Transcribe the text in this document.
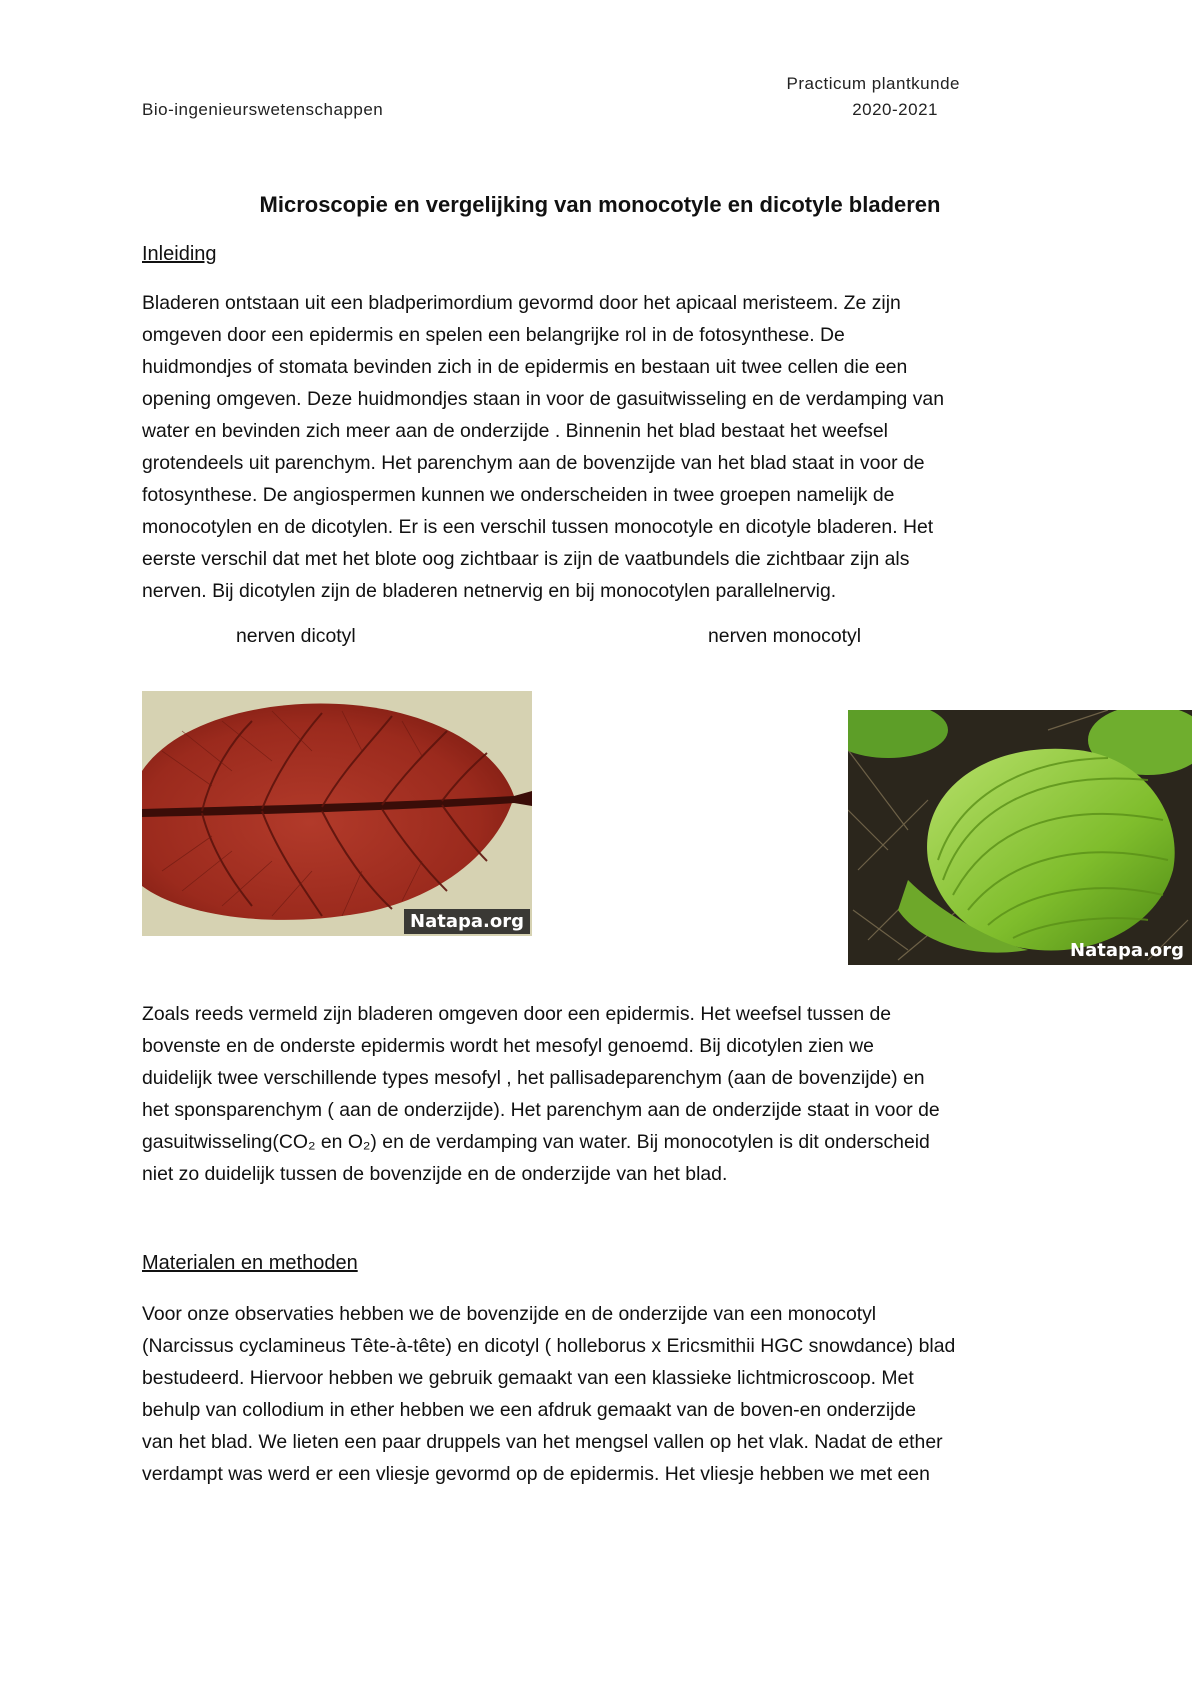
Bio-ingenieurswetenschappen
Practicum plantkunde
2020-2021
Microscopie en vergelijking van monocotyle en dicotyle bladeren
Inleiding

Bladeren ontstaan uit een bladperimordium gevormd door het apicaal meristeem. Ze zijn

omgeven door een epidermis en spelen een belangrijke rol in de fotosynthese. De

huidmondjes of stomata bevinden zich in de epidermis en bestaan uit twee cellen die een

opening omgeven. Deze huidmondjes staan in voor de gasuitwisseling en de verdamping van

water en bevinden zich meer aan de onderzijde . Binnenin het blad bestaat het weefsel

grotendeels uit parenchym. Het parenchym aan de bovenzijde van het blad staat in voor de

fotosynthese. De angiospermen kunnen we onderscheiden in twee groepen namelijk de

monocotylen en de dicotylen. Er is een verschil tussen monocotyle en dicotyle bladeren. Het

eerste verschil dat met het blote oog zichtbaar is zijn de vaatbundels die zichtbaar zijn als

nerven. Bij dicotylen zijn de bladeren netnervig en bij monocotylen parallelnervig.

nerven dicotyl	nerven monocotyl
Natapa.org
Natapa.org

Zoals reeds vermeld zijn bladeren omgeven door een epidermis. Het weefsel tussen de

bovenste en de onderste epidermis wordt het mesofyl genoemd. Bij dicotylen zien we

duidelijk twee verschillende types mesofyl , het pallisadeparenchym (aan de bovenzijde) en

het sponsparenchym ( aan de onderzijde). Het parenchym aan de onderzijde staat in voor de

gasuitwisseling(CO₂ en O₂) en de verdamping van water. Bij monocotylen is dit onderscheid

niet zo duidelijk tussen de bovenzijde en de onderzijde van het blad.

Materialen en methoden

Voor onze observaties hebben we de bovenzijde en de onderzijde van een monocotyl

(Narcissus cyclamineus Tête-à-tête) en dicotyl ( holleborus x Ericsmithii HGC snowdance) blad

bestudeerd. Hiervoor hebben we gebruik gemaakt van een klassieke lichtmicroscoop. Met

behulp van collodium in ether hebben we een afdruk gemaakt van de boven-en onderzijde

van het blad. We lieten een paar druppels van het mengsel vallen op het vlak. Nadat de ether

verdampt was werd er een vliesje gevormd op de epidermis. Het vliesje hebben we met een
